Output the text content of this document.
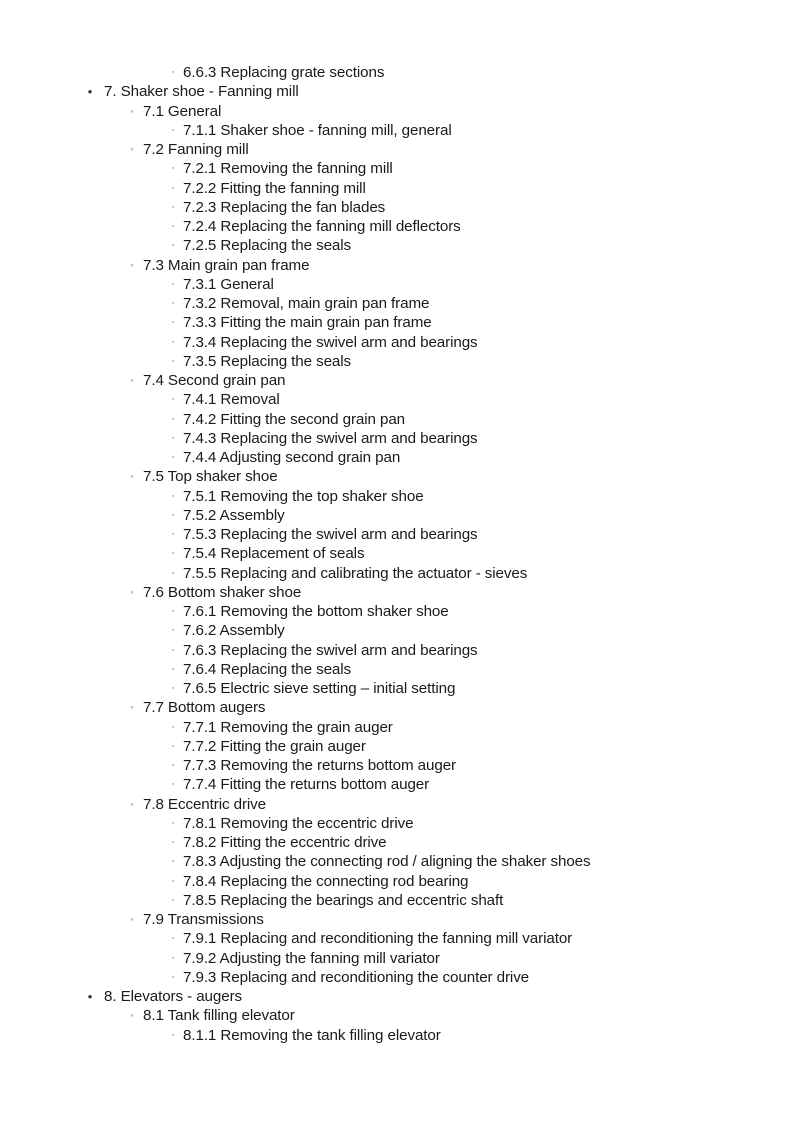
▫ 6.6.3 Replacing grate sections
• 7. Shaker shoe - Fanning mill
◦ 7.1 General
▫ 7.1.1 Shaker shoe - fanning mill, general
◦ 7.2 Fanning mill
▫ 7.2.1 Removing the fanning mill
▫ 7.2.2 Fitting the fanning mill
▫ 7.2.3 Replacing the fan blades
▫ 7.2.4 Replacing the fanning mill deflectors
▫ 7.2.5 Replacing the seals
◦ 7.3 Main grain pan frame
▫ 7.3.1 General
▫ 7.3.2 Removal, main grain pan frame
▫ 7.3.3 Fitting the main grain pan frame
▫ 7.3.4 Replacing the swivel arm and bearings
▫ 7.3.5 Replacing the seals
◦ 7.4 Second grain pan
▫ 7.4.1 Removal
▫ 7.4.2 Fitting the second grain pan
▫ 7.4.3 Replacing the swivel arm and bearings
▫ 7.4.4 Adjusting second grain pan
◦ 7.5 Top shaker shoe
▫ 7.5.1 Removing the top shaker shoe
▫ 7.5.2 Assembly
▫ 7.5.3 Replacing the swivel arm and bearings
▫ 7.5.4 Replacement of seals
▫ 7.5.5 Replacing and calibrating the actuator - sieves
◦ 7.6 Bottom shaker shoe
▫ 7.6.1 Removing the bottom shaker shoe
▫ 7.6.2 Assembly
▫ 7.6.3 Replacing the swivel arm and bearings
▫ 7.6.4 Replacing the seals
▫ 7.6.5 Electric sieve setting – initial setting
◦ 7.7 Bottom augers
▫ 7.7.1 Removing the grain auger
▫ 7.7.2 Fitting the grain auger
▫ 7.7.3 Removing the returns bottom auger
▫ 7.7.4 Fitting the returns bottom auger
◦ 7.8 Eccentric drive
▫ 7.8.1 Removing the eccentric drive
▫ 7.8.2 Fitting the eccentric drive
▫ 7.8.3 Adjusting the connecting rod / aligning the shaker shoes
▫ 7.8.4 Replacing the connecting rod bearing
▫ 7.8.5 Replacing the bearings and eccentric shaft
◦ 7.9 Transmissions
▫ 7.9.1 Replacing and reconditioning the fanning mill variator
▫ 7.9.2 Adjusting the fanning mill variator
▫ 7.9.3 Replacing and reconditioning the counter drive
• 8. Elevators - augers
◦ 8.1 Tank filling elevator
▫ 8.1.1 Removing the tank filling elevator
